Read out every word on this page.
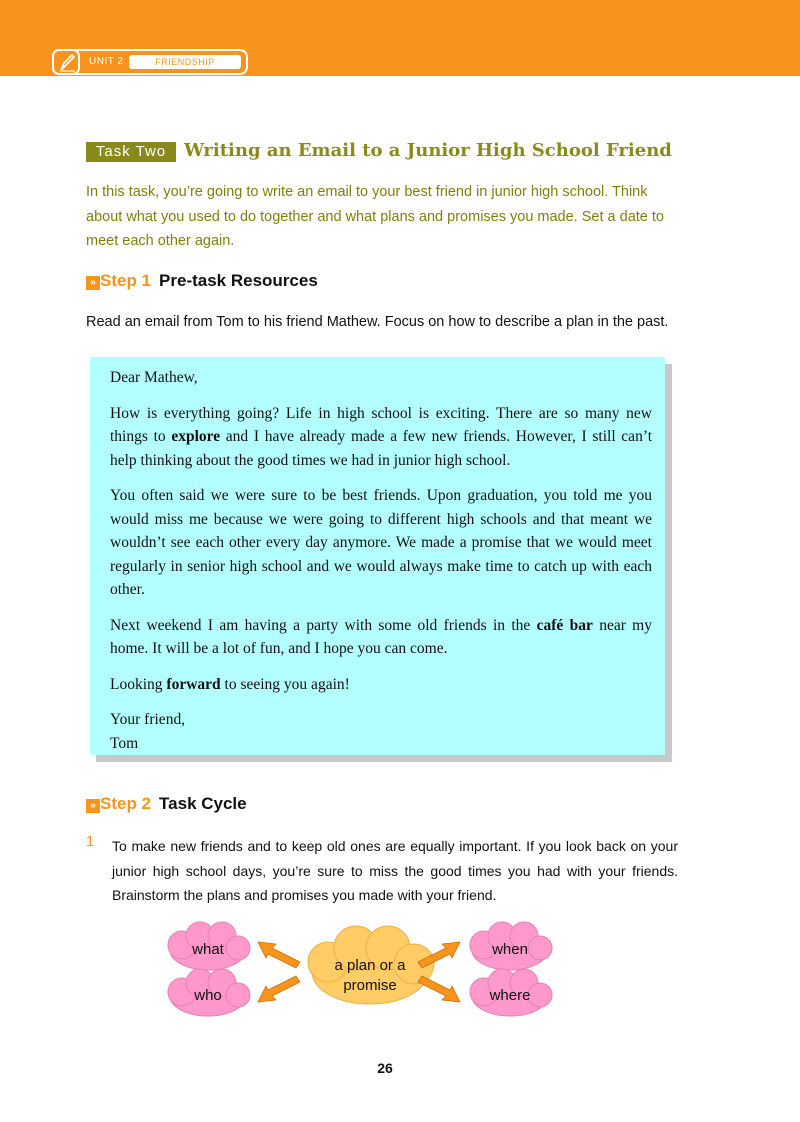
UNIT 2	FRIENDSHIP
Task Two Writing an Email to a Junior High School Friend
In this task, you’re going to write an email to your best friend in junior high school. Think about what you used to do together and what plans and promises you made. Set a date to meet each other again.
» Step 1 Pre-task Resources
Read an email from Tom to his friend Mathew. Focus on how to describe a plan in the past.

Dear Mathew,

How is everything going? Life in high school is exciting. There are so many new things to explore and I have already made a few new friends. However, I still can’t help thinking about the good times we had in junior high school.

You often said we were sure to be best friends. Upon graduation, you told me you would miss me because we were going to different high schools and that meant we wouldn’t see each other every day anymore. We made a promise that we would meet regularly in senior high school and we would always make time to catch up with each other.

Next weekend I am having a party with some old friends in the café bar near my home. It will be a lot of fun, and I hope you can come.

Looking forward to seeing you again!

Your friend,

Tom

» Step 2 Task Cycle
1 To make new friends and to keep old ones are equally important. If you look back on your junior high school days, you’re sure to miss the good times you had with your friends. Brainstorm the plans and promises you made with your friend.
what
who
when
where
a plan or a
promise
26
